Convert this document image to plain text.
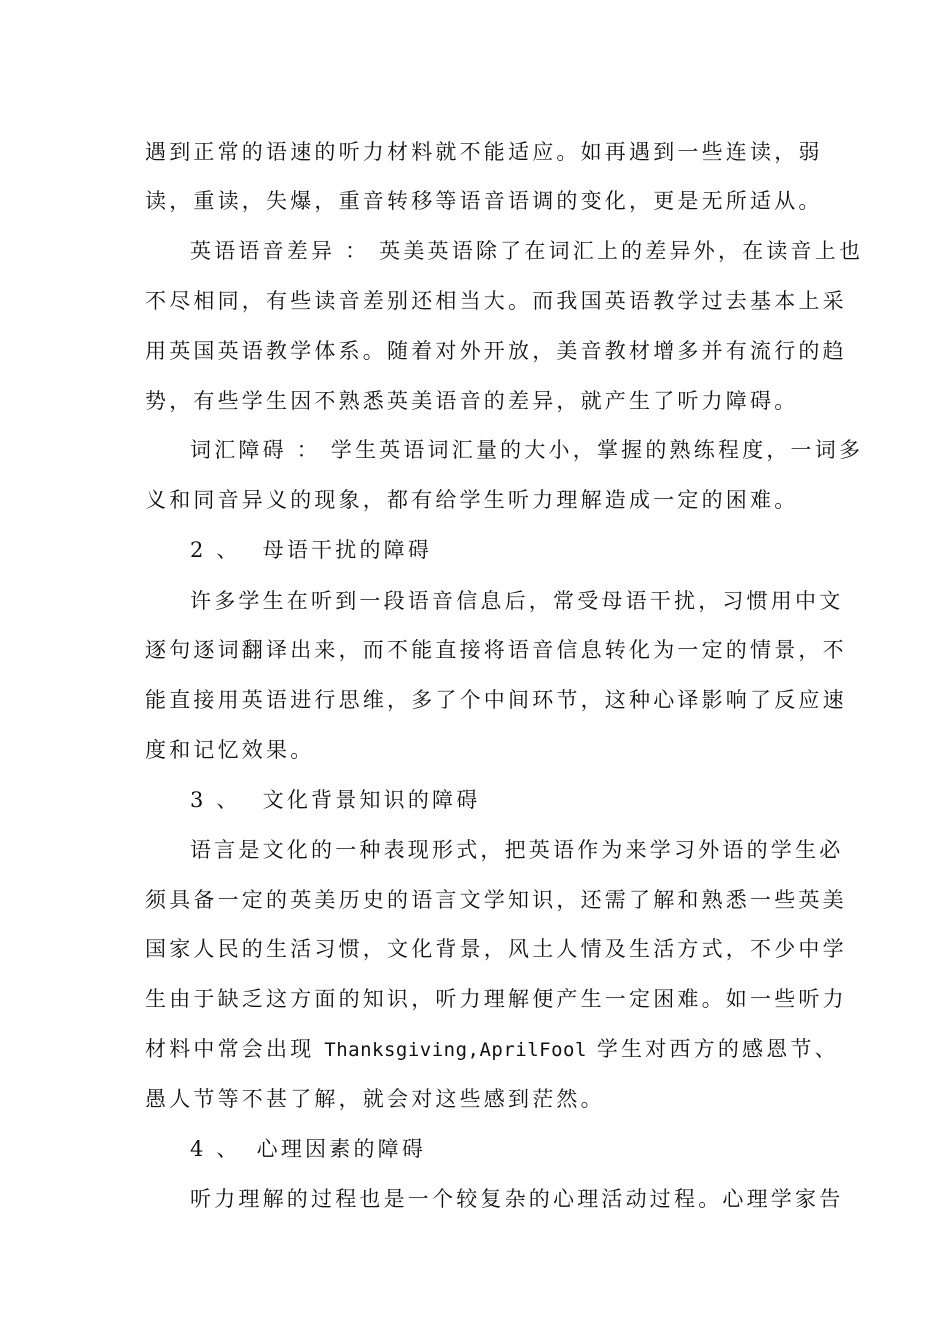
遇到正常的语速的听力材料就不能适应。如再遇到一些连读，弱
读，重读，失爆，重音转移等语音语调的变化，更是无所适从。
英语语音差异 ： 英美英语除了在词汇上的差异外，在读音上也
不尽相同，有些读音差别还相当大。而我国英语教学过去基本上采
用英国英语教学体系。随着对外开放，美音教材增多并有流行的趋
势，有些学生因不熟悉英美语音的差异，就产生了听力障碍。
词汇障碍 ： 学生英语词汇量的大小，掌握的熟练程度，一词多
义和同音异义的现象，都有给学生听力理解造成一定的困难。
2 、 母语干扰的障碍
许多学生在听到一段语音信息后，常受母语干扰，习惯用中文
逐句逐词翻译出来，而不能直接将语音信息转化为一定的情景，不
能直接用英语进行思维，多了个中间环节，这种心译影响了反应速
度和记忆效果。
3 、 文化背景知识的障碍
语言是文化的一种表现形式，把英语作为来学习外语的学生必
须具备一定的英美历史的语言文学知识，还需了解和熟悉一些英美
国家人民的生活习惯，文化背景，风土人情及生活方式，不少中学
生由于缺乏这方面的知识，听力理解便产生一定困难。如一些听力
材料中常会出现 Thanksgiving,AprilFool 学生对西方的感恩节、
愚人节等不甚了解，就会对这些感到茫然。
4 、 心理因素的障碍
听力理解的过程也是一个较复杂的心理活动过程。心理学家告
